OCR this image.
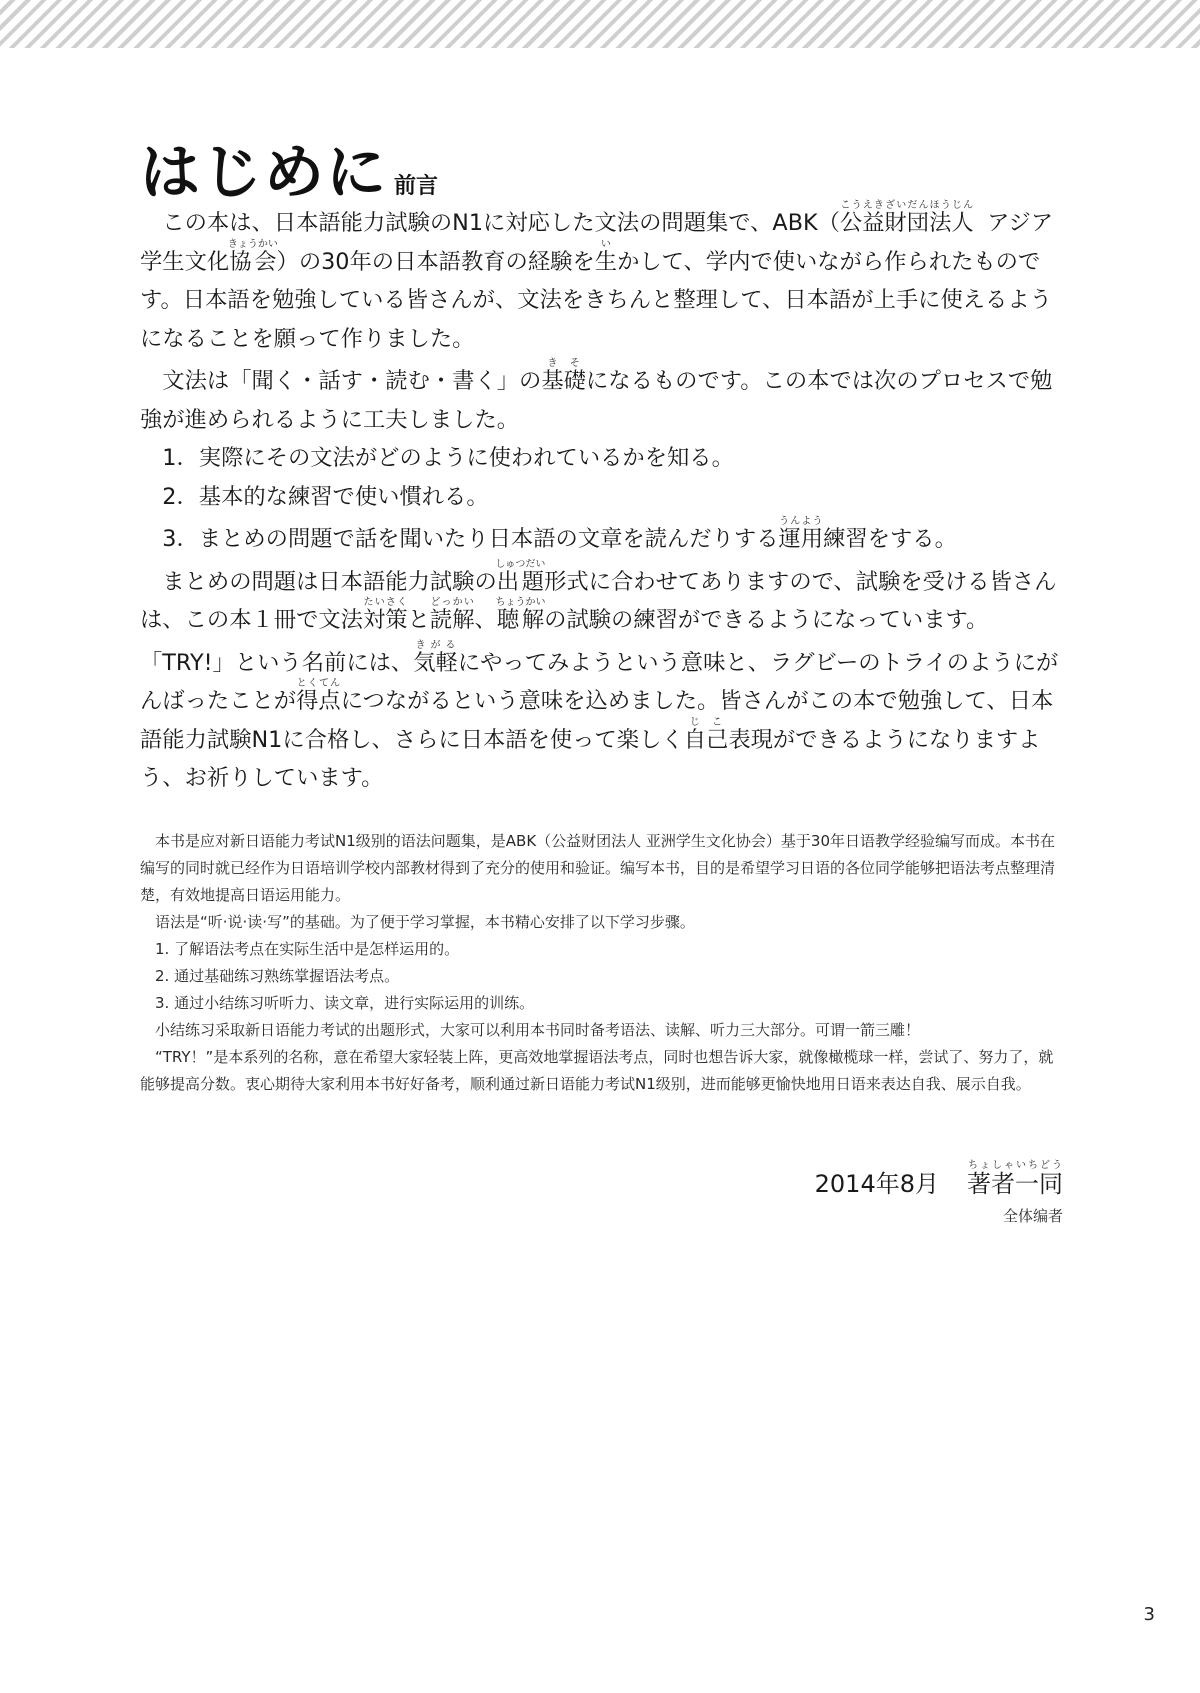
はじめに 前言

この本は、日本語能力試験のN1に対応した文法の問題集で、ABK（公益財団法人こうえきざいだんほうじんアジア学生文化協会きょうかい）の30年の日本語教育の経験を生いかして、学内で使いながら作られたものです。日本語を勉強している皆さんが、文法をきちんと整理して、日本語が上手に使えるようになることを願って作りました。

文法は「聞く・話す・読む・書く」の基礎きそになるものです。この本では次のプロセスで勉強が進められるように工夫しました。

1．実際にその文法がどのように使われているかを知る。
2．基本的な練習で使い慣れる。
3．まとめの問題で話を聞いたり日本語の文章を読んだりする運用うんよう練習をする。

まとめの問題は日本語能力試験の出題しゅつだい形式に合わせてありますので、試験を受ける皆さんは、この本１冊で文法対策たいさくと読解どっかい、聴解ちょうかいの試験の練習ができるようになっています。

「TRY!」という名前には、気軽きがるにやってみようという意味と、ラグビーのトライのようにがんばったことが得点とくてんにつながるという意味を込めました。皆さんがこの本で勉強して、日本語能力試験N1に合格し、さらに日本語を使って楽しく自己じこ表現ができるようになりますよう、お祈りしています。

本书是应对新日语能力考试N1级别的语法问题集，是ABK（公益财团法人 亚洲学生文化协会）基于30年日语教学经验编写而成。本书在编写的同时就已经作为日语培训学校内部教材得到了充分的使用和验证。编写本书，目的是希望学习日语的各位同学能够把语法考点整理清楚，有效地提高日语运用能力。

语法是“听·说·读·写”的基础。为了便于学习掌握，本书精心安排了以下学习步骤。

1. 了解语法考点在实际生活中是怎样运用的。

2. 通过基础练习熟练掌握语法考点。

3. 通过小结练习听听力、读文章，进行实际运用的训练。

小结练习采取新日语能力考试的出题形式，大家可以利用本书同时备考语法、读解、听力三大部分。可谓一箭三雕！

“TRY！”是本系列的名称，意在希望大家轻装上阵，更高效地掌握语法考点，同时也想告诉大家，就像橄榄球一样，尝试了、努力了，就能够提高分数。衷心期待大家利用本书好好备考，顺利通过新日语能力考试N1级别，进而能够更愉快地用日语来表达自我、展示自我。

2014年8月 著者一同ちょしゃいちどう
全体编者
3
